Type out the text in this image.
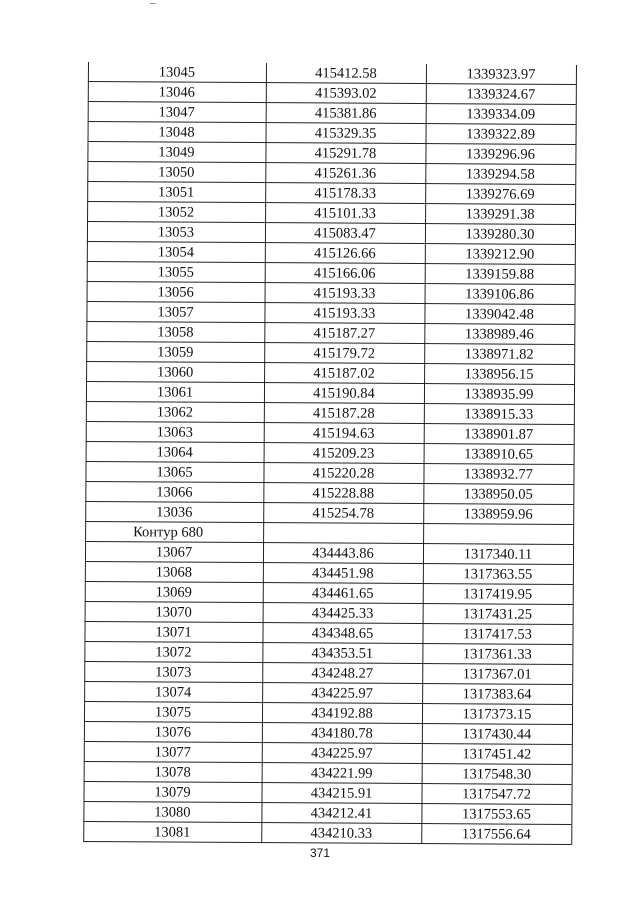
13045	415412.58	1339323.97
13046	415393.02	1339324.67
13047	415381.86	1339334.09
13048	415329.35	1339322.89
13049	415291.78	1339296.96
13050	415261.36	1339294.58
13051	415178.33	1339276.69
13052	415101.33	1339291.38
13053	415083.47	1339280.30
13054	415126.66	1339212.90
13055	415166.06	1339159.88
13056	415193.33	1339106.86
13057	415193.33	1339042.48
13058	415187.27	1338989.46
13059	415179.72	1338971.82
13060	415187.02	1338956.15
13061	415190.84	1338935.99
13062	415187.28	1338915.33
13063	415194.63	1338901.87
13064	415209.23	1338910.65
13065	415220.28	1338932.77
13066	415228.88	1338950.05
13036	415254.78	1338959.96
Контур 680
13067	434443.86	1317340.11
13068	434451.98	1317363.55
13069	434461.65	1317419.95
13070	434425.33	1317431.25
13071	434348.65	1317417.53
13072	434353.51	1317361.33
13073	434248.27	1317367.01
13074	434225.97	1317383.64
13075	434192.88	1317373.15
13076	434180.78	1317430.44
13077	434225.97	1317451.42
13078	434221.99	1317548.30
13079	434215.91	1317547.72
13080	434212.41	1317553.65
13081	434210.33	1317556.64
371
